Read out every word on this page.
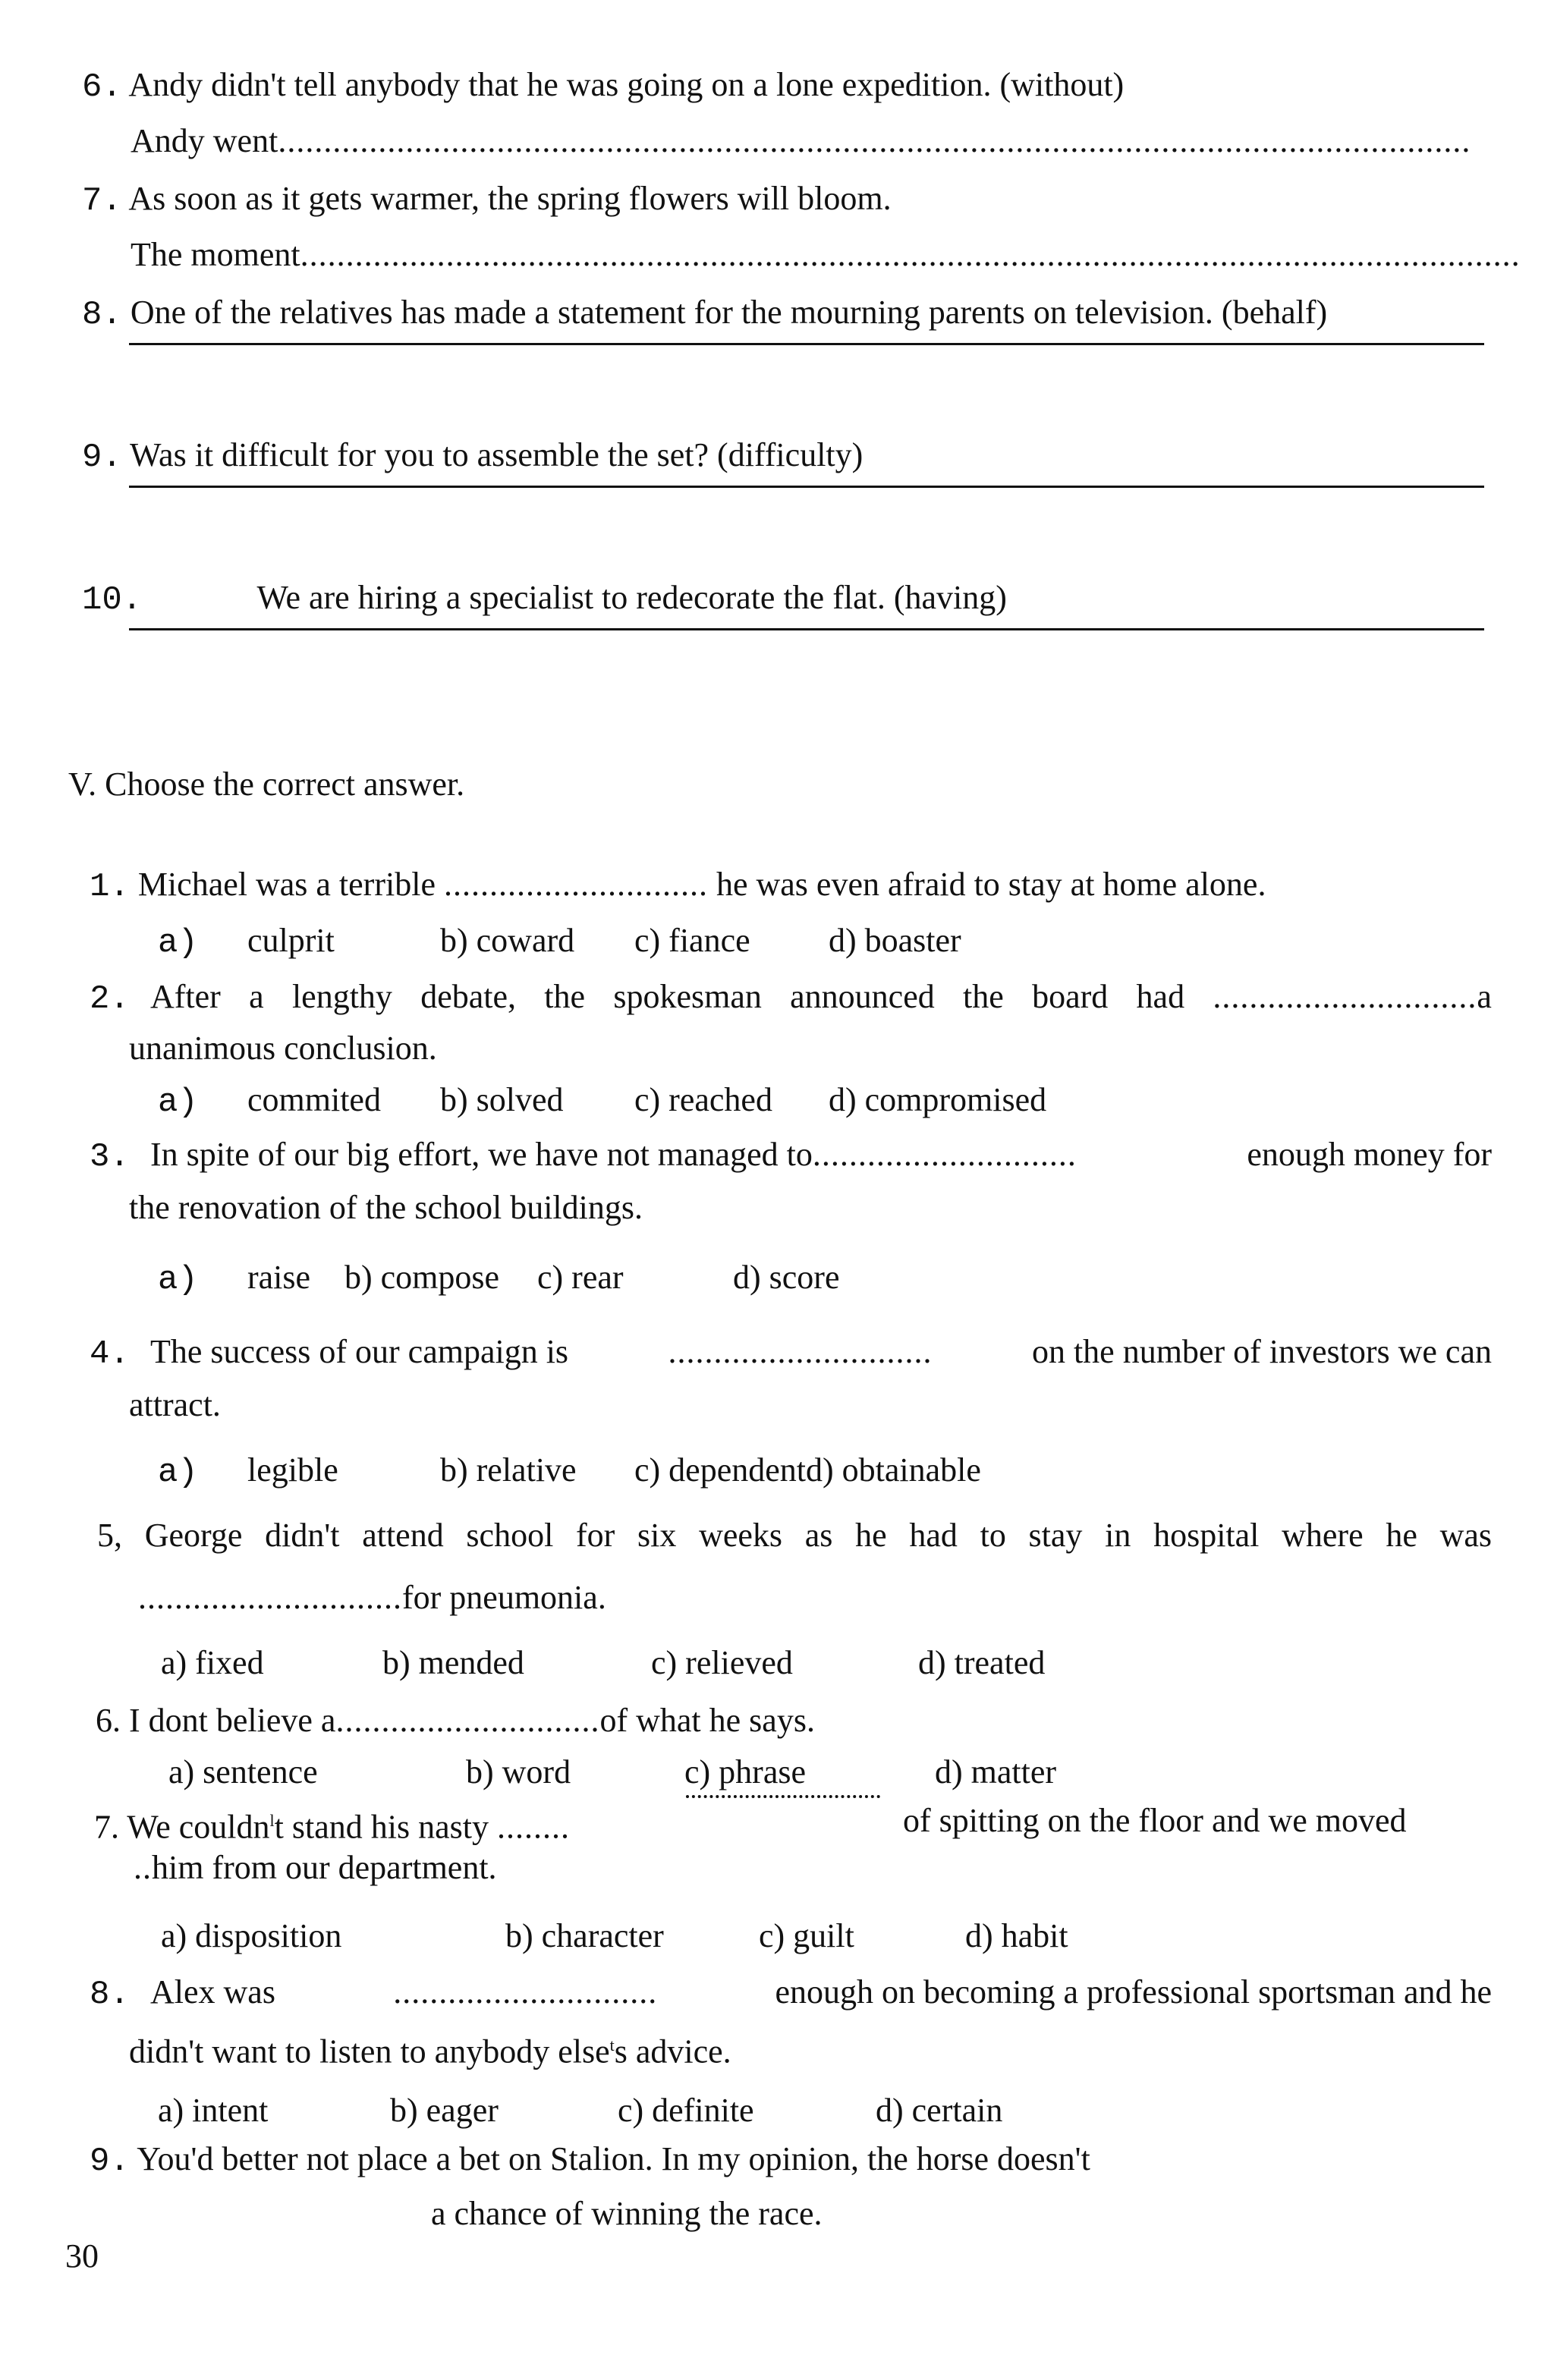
6. Andy didn't tell anybody that he was going on a lone expedition. (without)
Andy went...................................................................................................................................
7. As soon as it gets warmer, the spring flowers will bloom.
The moment......................................................................................................................................
8. One of the relatives has made a statement for the mourning parents on television. (behalf)
9. Was it difficult for you to assemble the set? (difficulty)
10.	We are hiring a specialist to redecorate the flat. (having)
V. Choose the correct answer.
1. Michael was a terrible ............................. he was even afraid to stay at home alone.
a) culprit	b) coward c) fiance d) boaster
2. After a lengthy debate, the spokesman announced the board had .............................a
unanimous conclusion.
a) commited b) solved c) reached d) compromised
3. In spite of our big effort, we have not managed to.............................	enough money for
the renovation of the school buildings.
a) raise b) compose c) rear	d) score
4. The success of our campaign is	.............................	on the number of investors we can
attract.
a) legible	b) relative c) dependentd) obtainable
5, George didn't attend school for six weeks as he had to stay in hospital where he was
.............................for pneumonia.
a) fixed	b) mended	c) relieved	d) treated
6. I dont believe a.............................of what he says.
a) sentence	b) word	c) phrase	d) matter
7. We couldn$^l$t stand his nasty ........	of spitting on the floor and we moved
..him from our department.
a) disposition	b) character	c) guilt	d) habit
8. Alex was	.............................	enough on becoming a professional sportsman and he
didn't want to listen to anybody else$^t$s advice.
a) intent	b) eager	c) definite	d) certain
9. You'd better not place a bet on Stalion. In my opinion, the horse doesn't
a chance of winning the race.
30
